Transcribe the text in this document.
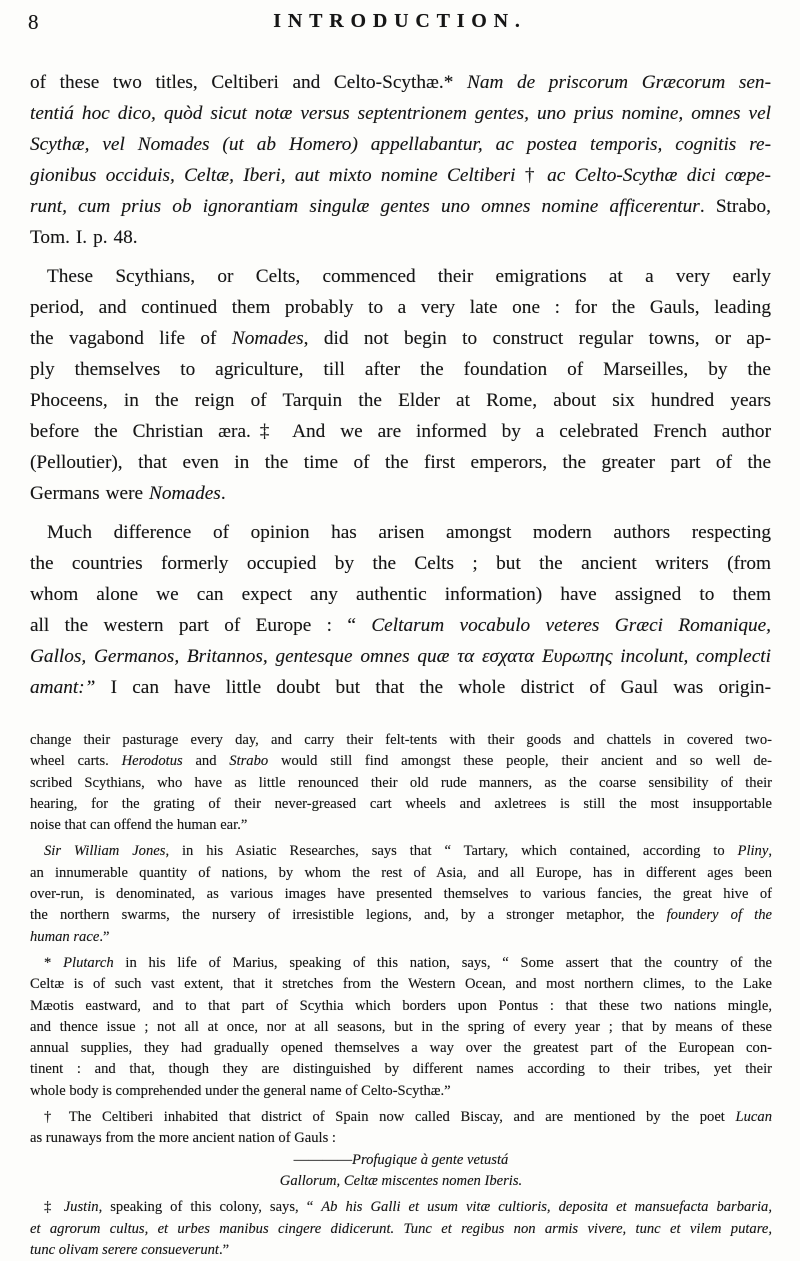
8	INTRODUCTION.
of these two titles, Celtiberi and Celto-Scythæ.* Nam de priscorum Græcorum sen-
tentiá hoc dico, quòd sicut notæ versus septentrionem gentes, uno prius nomine, omnes vel
Scythæ, vel Nomades (ut ab Homero) appellabantur, ac postea temporis, cognitis re-
gionibus occiduis, Celtæ, Iberi, aut mixto nomine Celtiberi † ac Celto-Scythæ dici cœpe-
runt, cum prius ob ignorantiam singulæ gentes uno omnes nomine afficerentur. Strabo,
Tom. I. p. 48.
These Scythians, or Celts, commenced their emigrations at a very early
period, and continued them probably to a very late one : for the Gauls, leading
the vagabond life of Nomades, did not begin to construct regular towns, or ap-
ply themselves to agriculture, till after the foundation of Marseilles, by the
Phoceens, in the reign of Tarquin the Elder at Rome, about six hundred years
before the Christian æra.‡ And we are informed by a celebrated French author
(Pelloutier), that even in the time of the first emperors, the greater part of the
Germans were Nomades.
Much difference of opinion has arisen amongst modern authors respecting
the countries formerly occupied by the Celts ; but the ancient writers (from
whom alone we can expect any authentic information) have assigned to them
all the western part of Europe : “ Celtarum vocabulo veteres Græci Romanique,
Gallos, Germanos, Britannos, gentesque omnes quæ τα εσχατα Ευρωπης incolunt, complecti
amant:” I can have little doubt but that the whole district of Gaul was origin-
change their pasturage every day, and carry their felt-tents with their goods and chattels in covered two-
wheel carts. Herodotus and Strabo would still find amongst these people, their ancient and so well de-
scribed Scythians, who have as little renounced their old rude manners, as the coarse sensibility of their
hearing, for the grating of their never-greased cart wheels and axletrees is still the most insupportable
noise that can offend the human ear.”
Sir William Jones, in his Asiatic Researches, says that “ Tartary, which contained, according to Pliny,
an innumerable quantity of nations, by whom the rest of Asia, and all Europe, has in different ages been
over-run, is denominated, as various images have presented themselves to various fancies, the great hive of
the northern swarms, the nursery of irresistible legions, and, by a stronger metaphor, the foundery of the
human race.”
* Plutarch in his life of Marius, speaking of this nation, says, “ Some assert that the country of the
Celtæ is of such vast extent, that it stretches from the Western Ocean, and most northern climes, to the Lake
Mæotis eastward, and to that part of Scythia which borders upon Pontus : that these two nations mingle,
and thence issue ; not all at once, nor at all seasons, but in the spring of every year ; that by means of these
annual supplies, they had gradually opened themselves a way over the greatest part of the European con-
tinent : and that, though they are distinguished by different names according to their tribes, yet their
whole body is comprehended under the general name of Celto-Scythæ.”
† The Celtiberi inhabited that district of Spain now called Biscay, and are mentioned by the poet Lucan
as runaways from the more ancient nation of Gauls :
————Profugique à gente vetustá
Gallorum, Celtæ miscentes nomen Iberis.
‡ Justin, speaking of this colony, says, “ Ab his Galli et usum vitæ cultioris, deposita et mansuefacta barbaria,
et agrorum cultus, et urbes manibus cingere didicerunt. Tunc et regibus non armis vivere, tunc et vilem putare,
tunc olivam serere consueverunt.”
